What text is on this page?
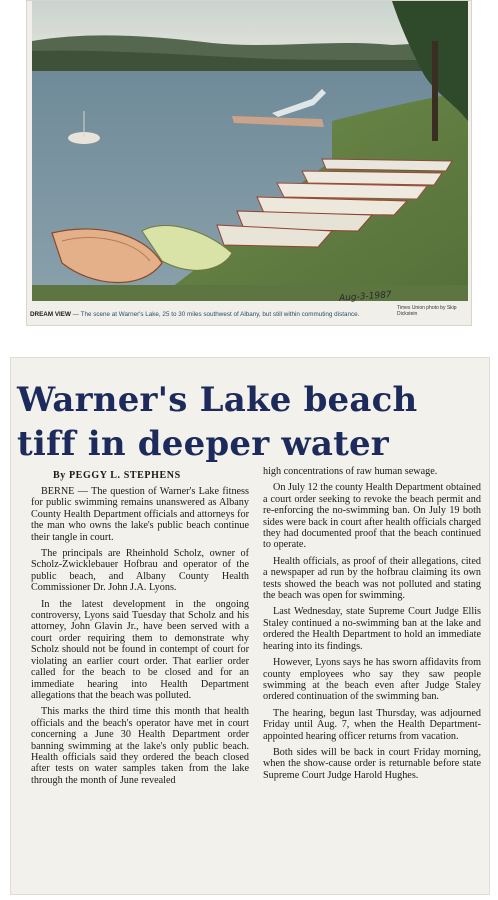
Aug-3-1987
Times Union photo by Skip Dickstein
DREAM VIEW — The scene at Warner's Lake, 25 to 30 miles southwest of Albany, but still within commuting distance.
Warner's Lake beach
tiff in deeper water
By PEGGY L. STEPHENS

BERNE — The question of Warner's Lake fitness for public swimming remains unanswered as Albany County Health Department officials and attorneys for the man who owns the lake's public beach continue their tangle in court.

The principals are Rheinhold Scholz, owner of Scholz-Zwicklebauer Hofbrau and operator of the public beach, and Albany County Health Commissioner Dr. John J.A. Lyons.

In the latest development in the ongoing controversy, Lyons said Tuesday that Scholz and his attorney, John Glavin Jr., have been served with a court order requiring them to demonstrate why Scholz should not be found in contempt of court for violating an earlier court order. That earlier order called for the beach to be closed and for an immediate hearing into Health Department allegations that the beach was polluted.

This marks the third time this month that health officials and the beach's operator have met in court concerning a June 30 Health Department order banning swimming at the lake's only public beach. Health officials said they ordered the beach closed after tests on water samples taken from the lake through the month of June revealed

high concentrations of raw human sewage.

On July 12 the county Health Department obtained a court order seeking to revoke the beach permit and re-enforcing the no-swimming ban. On July 19 both sides were back in court after health officials charged they had documented proof that the beach continued to operate.

Health officials, as proof of their allegations, cited a newspaper ad run by the hofbrau claiming its own tests showed the beach was not polluted and stating the beach was open for swimming.

Last Wednesday, state Supreme Court Judge Ellis Staley continued a no-swimming ban at the lake and ordered the Health Department to hold an immediate hearing into its findings.

However, Lyons says he has sworn affidavits from county employees who say they saw people swimming at the beach even after Judge Staley ordered continuation of the swimming ban.

The hearing, begun last Thursday, was adjourned Friday until Aug. 7, when the Health Department-appointed hearing officer returns from vacation.

Both sides will be back in court Friday morning, when the show-cause order is returnable before state Supreme Court Judge Harold Hughes.
